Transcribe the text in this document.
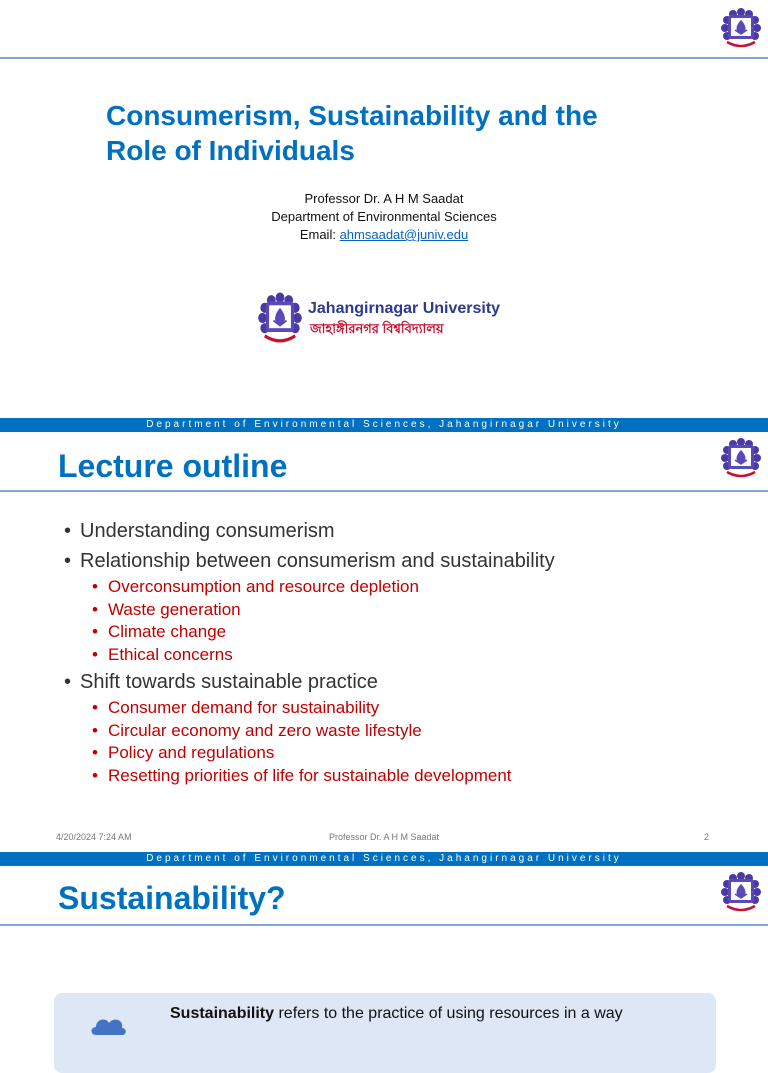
Consumerism, Sustainability and the Role of Individuals
Professor Dr. A H M Saadat
Department of Environmental Sciences
Email: ahmsaadat@juniv.edu
Jahangirnagar University
জাহাঙ্গীরনগর বিশ্ববিদ্যালয়
Department of Environmental Sciences, Jahangirnagar University
Lecture outline
• Understanding consumerism
• Relationship between consumerism and sustainability
• Overconsumption and resource depletion
• Waste generation
• Climate change
• Ethical concerns
• Shift towards sustainable practice
• Consumer demand for sustainability
• Circular economy and zero waste lifestyle
• Policy and regulations
• Resetting priorities of life for sustainable development
4/20/2024 7:24 AM	Professor Dr. A H M Saadat	2
Department of Environmental Sciences, Jahangirnagar University
Sustainability?
Sustainability refers to the practice of using resources in a way
